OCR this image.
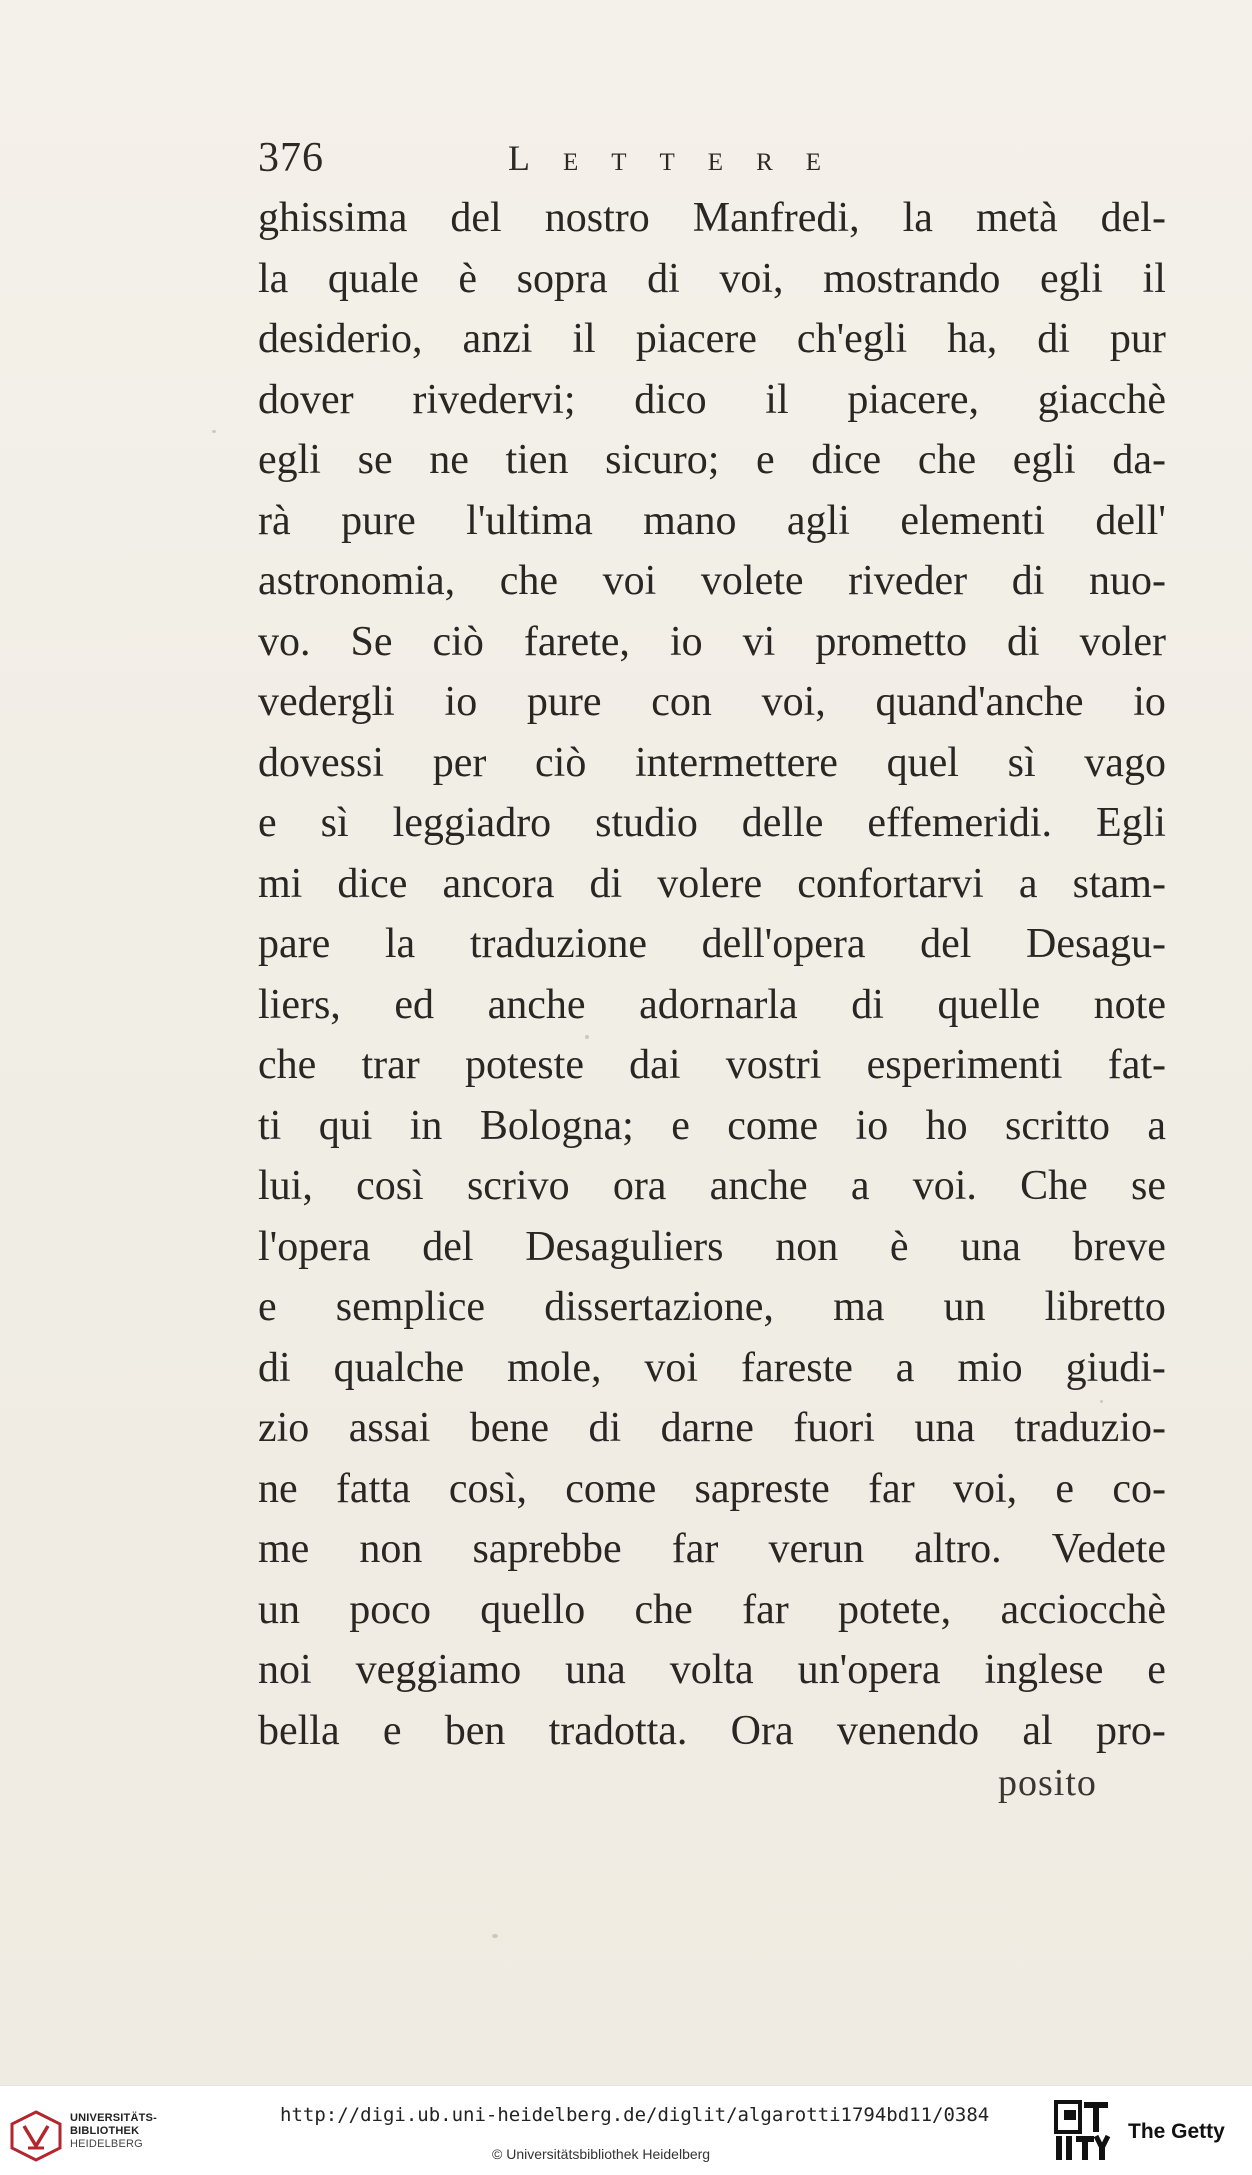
376	Lettere
ghissima del nostro Manfredi, la metà del-
la quale è sopra di voi, mostrando egli il
desiderio, anzi il piacere ch'egli ha, di pur
dover rivedervi; dico il piacere, giacchè
egli se ne tien sicuro; e dice che egli da-
rà pure l'ultima mano agli elementi dell'
astronomia, che voi volete riveder di nuo-
vo. Se ciò farete, io vi prometto di voler
vedergli io pure con voi, quand'anche io
dovessi per ciò intermettere quel sì vago
e sì leggiadro studio delle effemeridi. Egli
mi dice ancora di volere confortarvi a stam-
pare la traduzione dell'opera del Desagu-
liers, ed anche adornarla di quelle note
che trar poteste dai vostri esperimenti fat-
ti qui in Bologna; e come io ho scritto a
lui, così scrivo ora anche a voi. Che se
l'opera del Desaguliers non è una breve
e semplice dissertazione, ma un libretto
di qualche mole, voi fareste a mio giudi-
zio assai bene di darne fuori una traduzio-
ne fatta così, come sapreste far voi, e co-
me non saprebbe far verun altro. Vedete
un poco quello che far potete, acciocchè
noi veggiamo una volta un'opera inglese e
bella e ben tradotta. Ora venendo al pro-
posito
UNIVERSITÄTS-
BIBLIOTHEK
HEIDELBERG
http://digi.ub.uni-heidelberg.de/diglit/algarotti1794bd11/0384
© Universitätsbibliothek Heidelberg
The Getty
